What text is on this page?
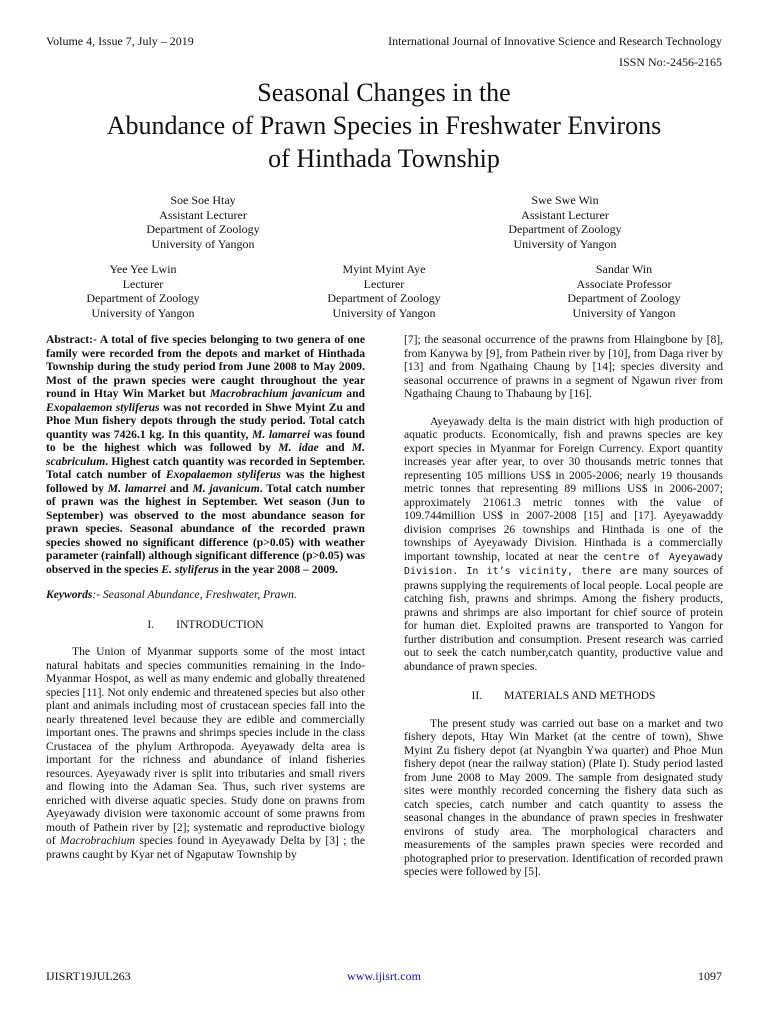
Volume 4, Issue 7, July – 2019	International Journal of Innovative Science and Research Technology
ISSN No:-2456-2165
Seasonal Changes in the
Abundance of Prawn Species in Freshwater Environs
of Hinthada Township
Soe Soe Htay
Assistant Lecturer
Department of Zoology
University of Yangon
Swe Swe Win
Assistant Lecturer
Department of Zoology
University of Yangon
Yee Yee Lwin
Lecturer
Department of Zoology
University of Yangon
Myint Myint Aye
Lecturer
Department of Zoology
University of Yangon
Sandar Win
Associate Professor
Department of Zoology
University of Yangon

Abstract:- A total of five species belonging to two genera of one family were recorded from the depots and market of Hinthada Township during the study period from June 2008 to May 2009. Most of the prawn species were caught throughout the year round in Htay Win Market but Macrobrachium javanicum and Exopalaemon styliferus was not recorded in Shwe Myint Zu and Phoe Mun fishery depots through the study period. Total catch quantity was 7426.1 kg. In this quantity, M. lamarrei was found to be the highest which was followed by M. idae and M. scabriculum. Highest catch quantity was recorded in September. Total catch number of Exopalaemon styliferus was the highest followed by M. lamarrei and M. javanicum. Total catch number of prawn was the highest in September. Wet season (Jun to September) was observed to the most abundance season for prawn species. Seasonal abundance of the recorded prawn species showed no significant difference (p>0.05) with weather parameter (rainfall) although significant difference (p>0.05) was observed in the species E. styliferus in the year 2008 – 2009.

Keywords:- Seasonal Abundance, Freshwater, Prawn.

I. INTRODUCTION

The Union of Myanmar supports some of the most intact natural habitats and species communities remaining in the Indo-Myanmar Hospot, as well as many endemic and globally threatened species [11]. Not only endemic and threatened species but also other plant and animals including most of crustacean species fall into the nearly threatened level because they are edible and commercially important ones. The prawns and shrimps species include in the class Crustacea of the phylum Arthropoda. Ayeyawady delta area is important for the richness and abundance of inland fisheries resources. Ayeyawady river is split into tributaries and small rivers and flowing into the Adaman Sea. Thus, such river systems are enriched with diverse aquatic species. Study done on prawns from Ayeyawady division were taxonomic account of some prawns from mouth of Pathein river by [2]; systematic and reproductive biology of Macrobrachium species found in Ayeyawady Delta by [3] ; the prawns caught by Kyar net of Ngaputaw Township by

[7]; the seasonal occurrence of the prawns from Hlaingbone by [8], from Kanywa by [9], from Pathein river by [10], from Daga river by [13] and from Ngathaing Chaung by [14]; species diversity and seasonal occurrence of prawns in a segment of Ngawun river from Ngathaing Chaung to Thabaung by [16].

Ayeyawady delta is the main district with high production of aquatic products. Economically, fish and prawns species are key export species in Myanmar for Foreign Currency. Export quantity increases year after year, to over 30 thousands metric tonnes that representing 105 millions US$ in 2005-2006; nearly 19 thousands metric tonnes that representing 89 millions US$ in 2006-2007; approximately 21061.3 metric tonnes with the value of 109.744million US$ in 2007-2008 [15] and [17]. Ayeyawaddy division comprises 26 townships and Hinthada is one of the townships of Ayeyawady Division. Hinthada is a commercially important township, located at near the centre of Ayeyawady Division. In it’s vicinity, there are many sources of prawns supplying the requirements of local people. Local people are catching fish, prawns and shrimps. Among the fishery products, prawns and shrimps are also important for chief source of protein for human diet. Exploited prawns are transported to Yangon for further distribution and consumption. Present research was carried out to seek the catch number,catch quantity, productive value and abundance of prawn species.

II. MATERIALS AND METHODS

The present study was carried out base on a market and two fishery depots, Htay Win Market (at the centre of town), Shwe Myint Zu fishery depot (at Nyangbin Ywa quarter) and Phoe Mun fishery depot (near the railway station) (Plate I). Study period lasted from June 2008 to May 2009. The sample from designated study sites were monthly recorded concerning the fishery data such as catch species, catch number and catch quantity to assess the seasonal changes in the abundance of prawn species in freshwater environs of study area. The morphological characters and measurements of the samples prawn species were recorded and photographed prior to preservation. Identification of recorded prawn species were followed by [5].

IJISRT19JUL263	www.ijisrt.com	1097
